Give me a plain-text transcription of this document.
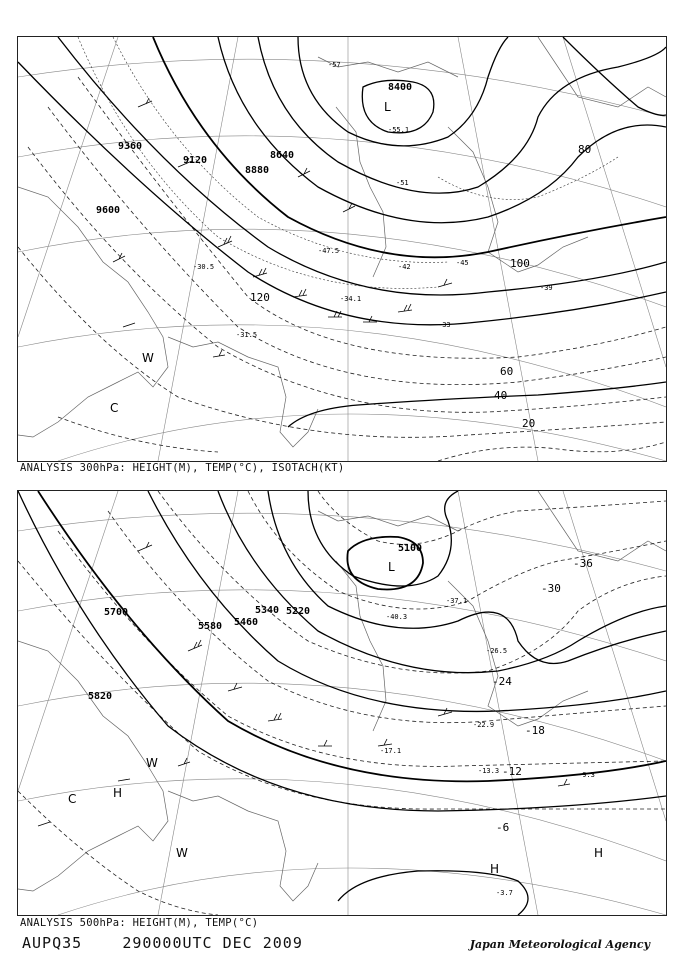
9600
9360
9120
8880
8640
8400
20
40
60
80
100
120
-30.5
-31.5
-33
-34.1
-39
-42	-45
-47.5
-51
-55.1
-57
L
C
W
ANALYSIS 300hPa: HEIGHT(M), TEMP(°C), ISOTACH(KT)
5820
5700
5580 5460
5340 5220
5100
-6
-12
-18
-24
-30
-36
-9.3
-13.3
-17.1
-22.9
-26.5
-37.1
-40.3
-3.7
L
H
H
H
W
W
C
ANALYSIS 500hPa: HEIGHT(M), TEMP(°C)
AUPQ35	290000UTC DEC 2009	Japan Meteorological Agency
